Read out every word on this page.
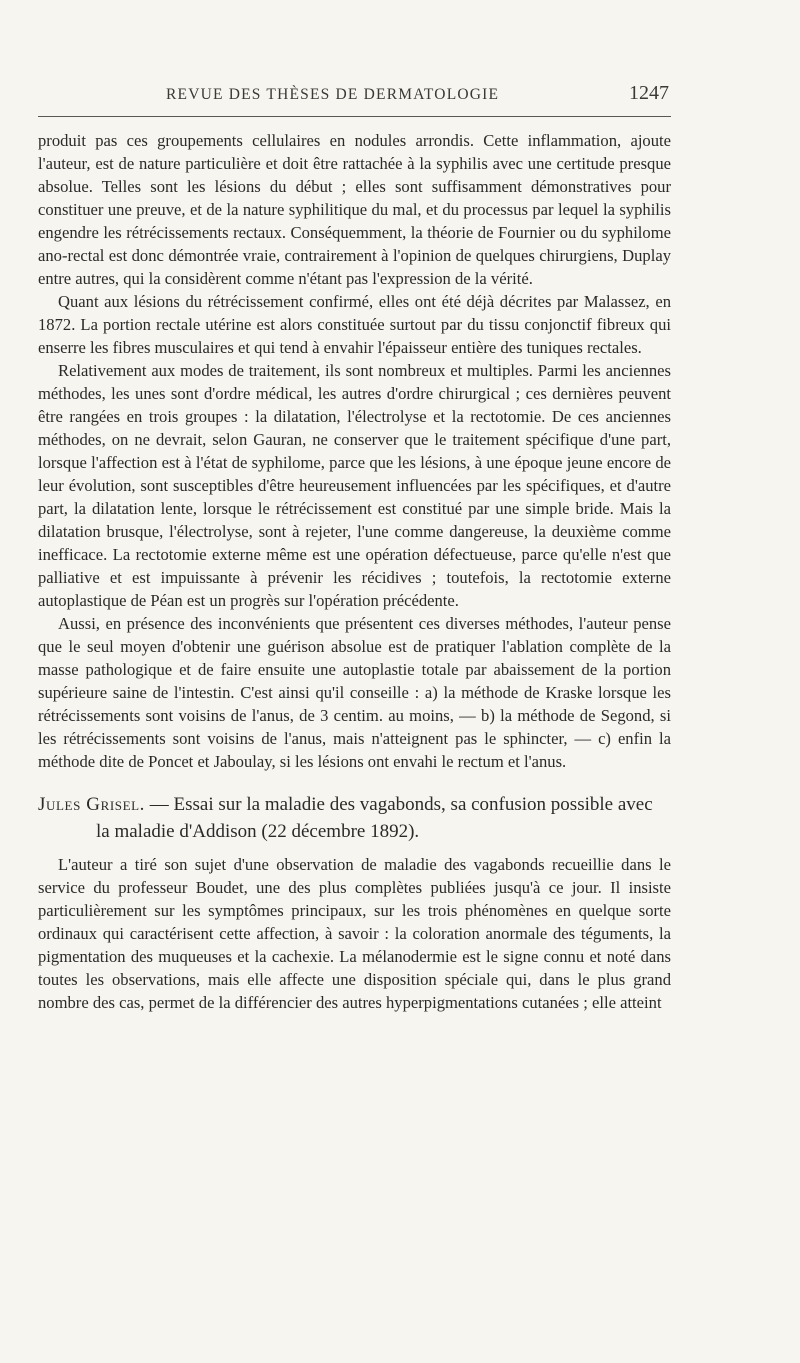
REVUE DES THÈSES DE DERMATOLOGIE	1247

produit pas ces groupements cellulaires en nodules arrondis. Cette inflammation, ajoute l'auteur, est de nature particulière et doit être rattachée à la syphilis avec une certitude presque absolue. Telles sont les lésions du début ; elles sont suffisamment démonstratives pour constituer une preuve, et de la nature syphilitique du mal, et du processus par lequel la syphilis engendre les rétrécissements rectaux. Conséquemment, la théorie de Fournier ou du syphilome ano-rectal est donc démontrée vraie, contrairement à l'opinion de quelques chirurgiens, Duplay entre autres, qui la considèrent comme n'étant pas l'expression de la vérité.

Quant aux lésions du rétrécissement confirmé, elles ont été déjà décrites par Malassez, en 1872. La portion rectale utérine est alors constituée surtout par du tissu conjonctif fibreux qui enserre les fibres musculaires et qui tend à envahir l'épaisseur entière des tuniques rectales.

Relativement aux modes de traitement, ils sont nombreux et multiples. Parmi les anciennes méthodes, les unes sont d'ordre médical, les autres d'ordre chirurgical ; ces dernières peuvent être rangées en trois groupes : la dilatation, l'électrolyse et la rectotomie. De ces anciennes méthodes, on ne devrait, selon Gauran, ne conserver que le traitement spécifique d'une part, lorsque l'affection est à l'état de syphilome, parce que les lésions, à une époque jeune encore de leur évolution, sont susceptibles d'être heureusement influencées par les spécifiques, et d'autre part, la dilatation lente, lorsque le rétrécissement est constitué par une simple bride. Mais la dilatation brusque, l'électrolyse, sont à rejeter, l'une comme dangereuse, la deuxième comme inefficace. La rectotomie externe même est une opération défectueuse, parce qu'elle n'est que palliative et est impuissante à prévenir les récidives ; toutefois, la rectotomie externe autoplastique de Péan est un progrès sur l'opération précédente.

Aussi, en présence des inconvénients que présentent ces diverses méthodes, l'auteur pense que le seul moyen d'obtenir une guérison absolue est de pratiquer l'ablation complète de la masse pathologique et de faire ensuite une autoplastie totale par abaissement de la portion supérieure saine de l'intestin. C'est ainsi qu'il conseille : a) la méthode de Kraske lorsque les rétrécissements sont voisins de l'anus, de 3 centim. au moins, — b) la méthode de Segond, si les rétrécissements sont voisins de l'anus, mais n'atteignent pas le sphincter, — c) enfin la méthode dite de Poncet et Jaboulay, si les lésions ont envahi le rectum et l'anus.

Jules Grisel. — Essai sur la maladie des vagabonds, sa confusion possible avec la maladie d'Addison (22 décembre 1892).

L'auteur a tiré son sujet d'une observation de maladie des vagabonds recueillie dans le service du professeur Boudet, une des plus complètes publiées jusqu'à ce jour. Il insiste particulièrement sur les symptômes principaux, sur les trois phénomènes en quelque sorte ordinaux qui caractérisent cette affection, à savoir : la coloration anormale des téguments, la pigmentation des muqueuses et la cachexie. La mélanodermie est le signe connu et noté dans toutes les observations, mais elle affecte une disposition spéciale qui, dans le plus grand nombre des cas, permet de la différencier des autres hyperpigmentations cutanées ; elle atteint
